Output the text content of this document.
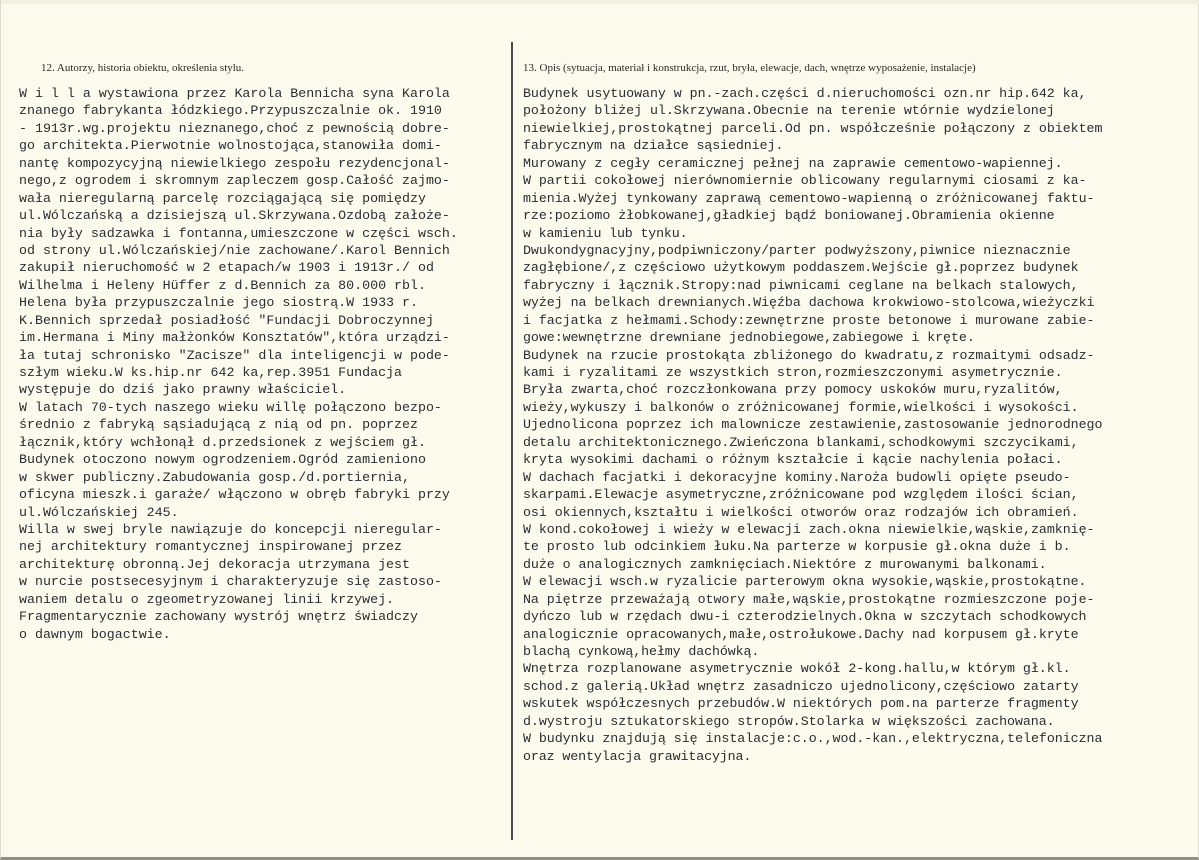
12. Autorzy, historia obiektu, określenia stylu.	13. Opis (sytuacja, materiał i konstrukcja, rzut, bryła, elewacje, dach, wnętrze wyposażenie, instalacje)
W i l l a wystawiona przez Karola Bennicha syna Karola
znanego fabrykanta łódzkiego.Przypuszczalnie ok. 1910
- 1913r.wg.projektu nieznanego,choć z pewnością dobre-
go architekta.Pierwotnie wolnostojąca,stanowiła domi-
nantę kompozycyjną niewielkiego zespołu rezydencjonal-
nego,z ogrodem i skromnym zapleczem gosp.Całość zajmo-
wała nieregularną parcelę rozciągającą się pomiędzy
ul.Wólczańską a dzisiejszą ul.Skrzywana.Ozdobą założe-
nia były sadzawka i fontanna,umieszczone w części wsch.
od strony ul.Wólczańskiej/nie zachowane/.Karol Bennich
zakupił nieruchomość w 2 etapach/w 1903 i 1913r./ od
Wilhelma i Heleny Hüffer z d.Bennich za 80.000 rbl.
Helena była przypuszczalnie jego siostrą.W 1933 r.
K.Bennich sprzedał posiadłość "Fundacji Dobroczynnej
im.Hermana i Miny małżonków Konsztatów",która urządzi-
ła tutaj schronisko "Zacisze" dla inteligencji w pode-
szłym wieku.W ks.hip.nr 642 ka,rep.3951 Fundacja
występuje do dziś jako prawny właściciel.
W latach 70-tych naszego wieku willę połączono bezpo-
średnio z fabryką sąsiadującą z nią od pn. poprzez
łącznik,który wchłonął d.przedsionek z wejściem gł.
Budynek otoczono nowym ogrodzeniem.Ogród zamieniono
w skwer publiczny.Zabudowania gosp./d.portiernia,
oficyna mieszk.i garaże/ włączono w obręb fabryki przy
ul.Wólczańskiej 245.
Willa w swej bryle nawiązuje do koncepcji nieregular-
nej architektury romantycznej inspirowanej przez
architekturę obronną.Jej dekoracja utrzymana jest
w nurcie postsecesyjnym i charakteryzuje się zastoso-
waniem detalu o zgeometryzowanej linii krzywej.
Fragmentarycznie zachowany wystrój wnętrz świadczy
o dawnym bogactwie.
Budynek usytuowany w pn.-zach.części d.nieruchomości ozn.nr hip.642 ka,
położony bliżej ul.Skrzywana.Obecnie na terenie wtórnie wydzielonej
niewielkiej,prostokątnej parceli.Od pn. współcześnie połączony z obiektem
fabrycznym na działce sąsiedniej.
Murowany z cegły ceramicznej pełnej na zaprawie cementowo-wapiennej.
W partii cokołowej nierównomiernie oblicowany regularnymi ciosami z ka-
mienia.Wyżej tynkowany zaprawą cementowo-wapienną o zróżnicowanej faktu-
rze:poziomo żłobkowanej,gładkiej bądź boniowanej.Obramienia okienne
w kamieniu lub tynku.
Dwukondygnacyjny,podpiwniczony/parter podwyższony,piwnice nieznacznie
zagłębione/,z częściowo użytkowym poddaszem.Wejście gł.poprzez budynek
fabryczny i łącznik.Stropy:nad piwnicami ceglane na belkach stalowych,
wyżej na belkach drewnianych.Więźba dachowa krokwiowo-stolcowa,wieżyczki
i facjatka z hełmami.Schody:zewnętrzne proste betonowe i murowane zabie-
gowe:wewnętrzne drewniane jednobiegowe,zabiegowe i kręte.
Budynek na rzucie prostokąta zbliżonego do kwadratu,z rozmaitymi odsadz-
kami i ryzalitami ze wszystkich stron,rozmieszczonymi asymetrycznie.
Bryła zwarta,choć rozczłonkowana przy pomocy uskoków muru,ryzalitów,
wieży,wykuszy i balkonów o zróżnicowanej formie,wielkości i wysokości.
Ujednolicona poprzez ich malownicze zestawienie,zastosowanie jednorodnego
detalu architektonicznego.Zwieńczona blankami,schodkowymi szczycikami,
kryta wysokimi dachami o różnym kształcie i kącie nachylenia połaci.
W dachach facjatki i dekoracyjne kominy.Naroża budowli opięte pseudo-
skarpami.Elewacje asymetryczne,zróżnicowane pod względem ilości ścian,
osi okiennych,kształtu i wielkości otworów oraz rodzajów ich obramień.
W kond.cokołowej i wieży w elewacji zach.okna niewielkie,wąskie,zamknię-
te prosto lub odcinkiem łuku.Na parterze w korpusie gł.okna duże i b.
duże o analogicznych zamknięciach.Niektóre z murowanymi balkonami.
W elewacji wsch.w ryzalicie parterowym okna wysokie,wąskie,prostokątne.
Na piętrze przeważają otwory małe,wąskie,prostokątne rozmieszczone poje-
dyńczo lub w rzędach dwu-i czterodzielnych.Okna w szczytach schodkowych
analogicznie opracowanych,małe,ostrołukowe.Dachy nad korpusem gł.kryte
blachą cynkową,hełmy dachówką.
Wnętrza rozplanowane asymetrycznie wokół 2-kong.hallu,w którym gł.kl.
schod.z galerią.Układ wnętrz zasadniczo ujednolicony,częściowo zatarty
wskutek współczesnych przebudów.W niektórych pom.na parterze fragmenty
d.wystroju sztukatorskiego stropów.Stolarka w większości zachowana.
W budynku znajdują się instalacje:c.o.,wod.-kan.,elektryczna,telefoniczna
oraz wentylacja grawitacyjna.
